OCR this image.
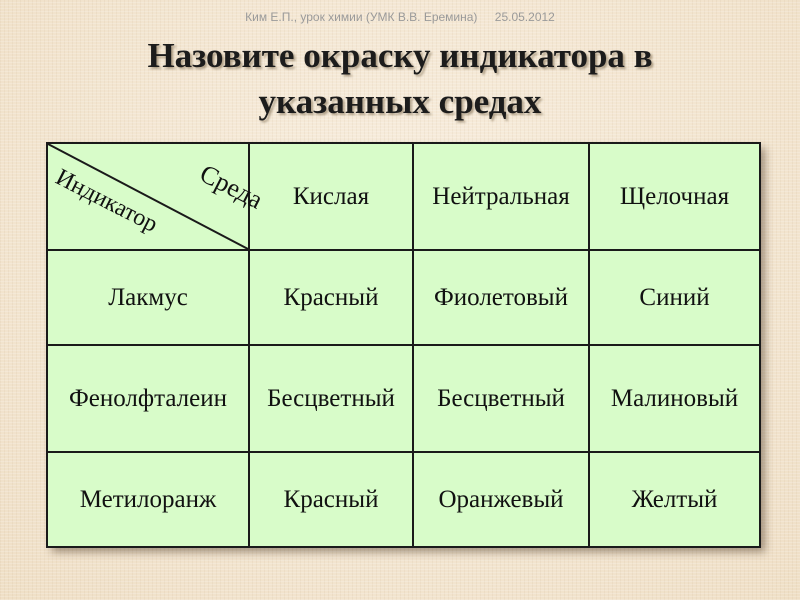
Ким Е.П., урок химии (УМК В.В. Еремина) 25.05.2012
Назовите окраску индикатора в
указанных средах
Среда
Индикатор	Кислая	Нейтральная	Щелочная
Лакмус	Красный	Фиолетовый	Синий
Фенолфталеин	Бесцветный	Бесцветный	Малиновый
Метилоранж	Красный	Оранжевый	Желтый
